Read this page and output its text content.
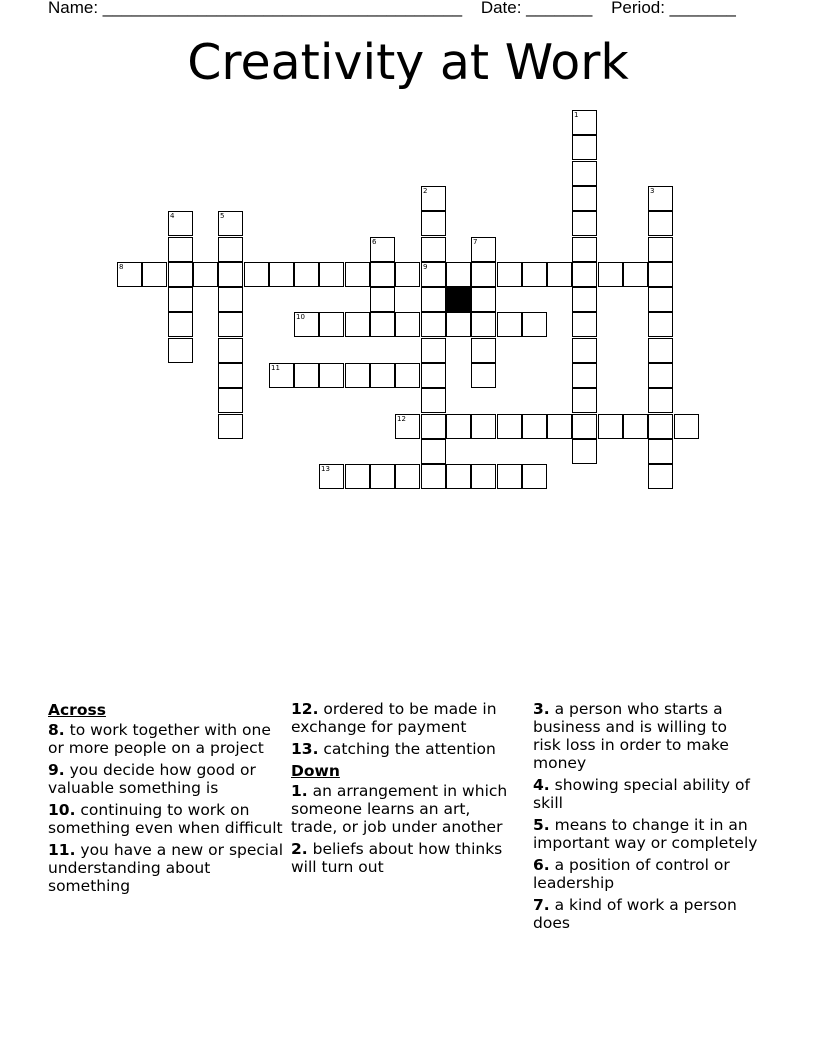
Name: ______________________________________ Date: _______ Period: _______
Creativity at Work
1
2
9
3
4	5
6	7
8
10
11
12
13
Across
8. to work together with one or more people on a project
9. you decide how good or valuable something is
10. continuing to work on something even when difficult
11. you have a new or special understanding about something
12. ordered to be made in exchange for payment
13. catching the attention
Down
1. an arrangement in which someone learns an art, trade, or job under another
2. beliefs about how thinks will turn out
3. a person who starts a business and is willing to risk loss in order to make money
4. showing special ability of skill
5. means to change it in an important way or completely
6. a position of control or leadership
7. a kind of work a person does
